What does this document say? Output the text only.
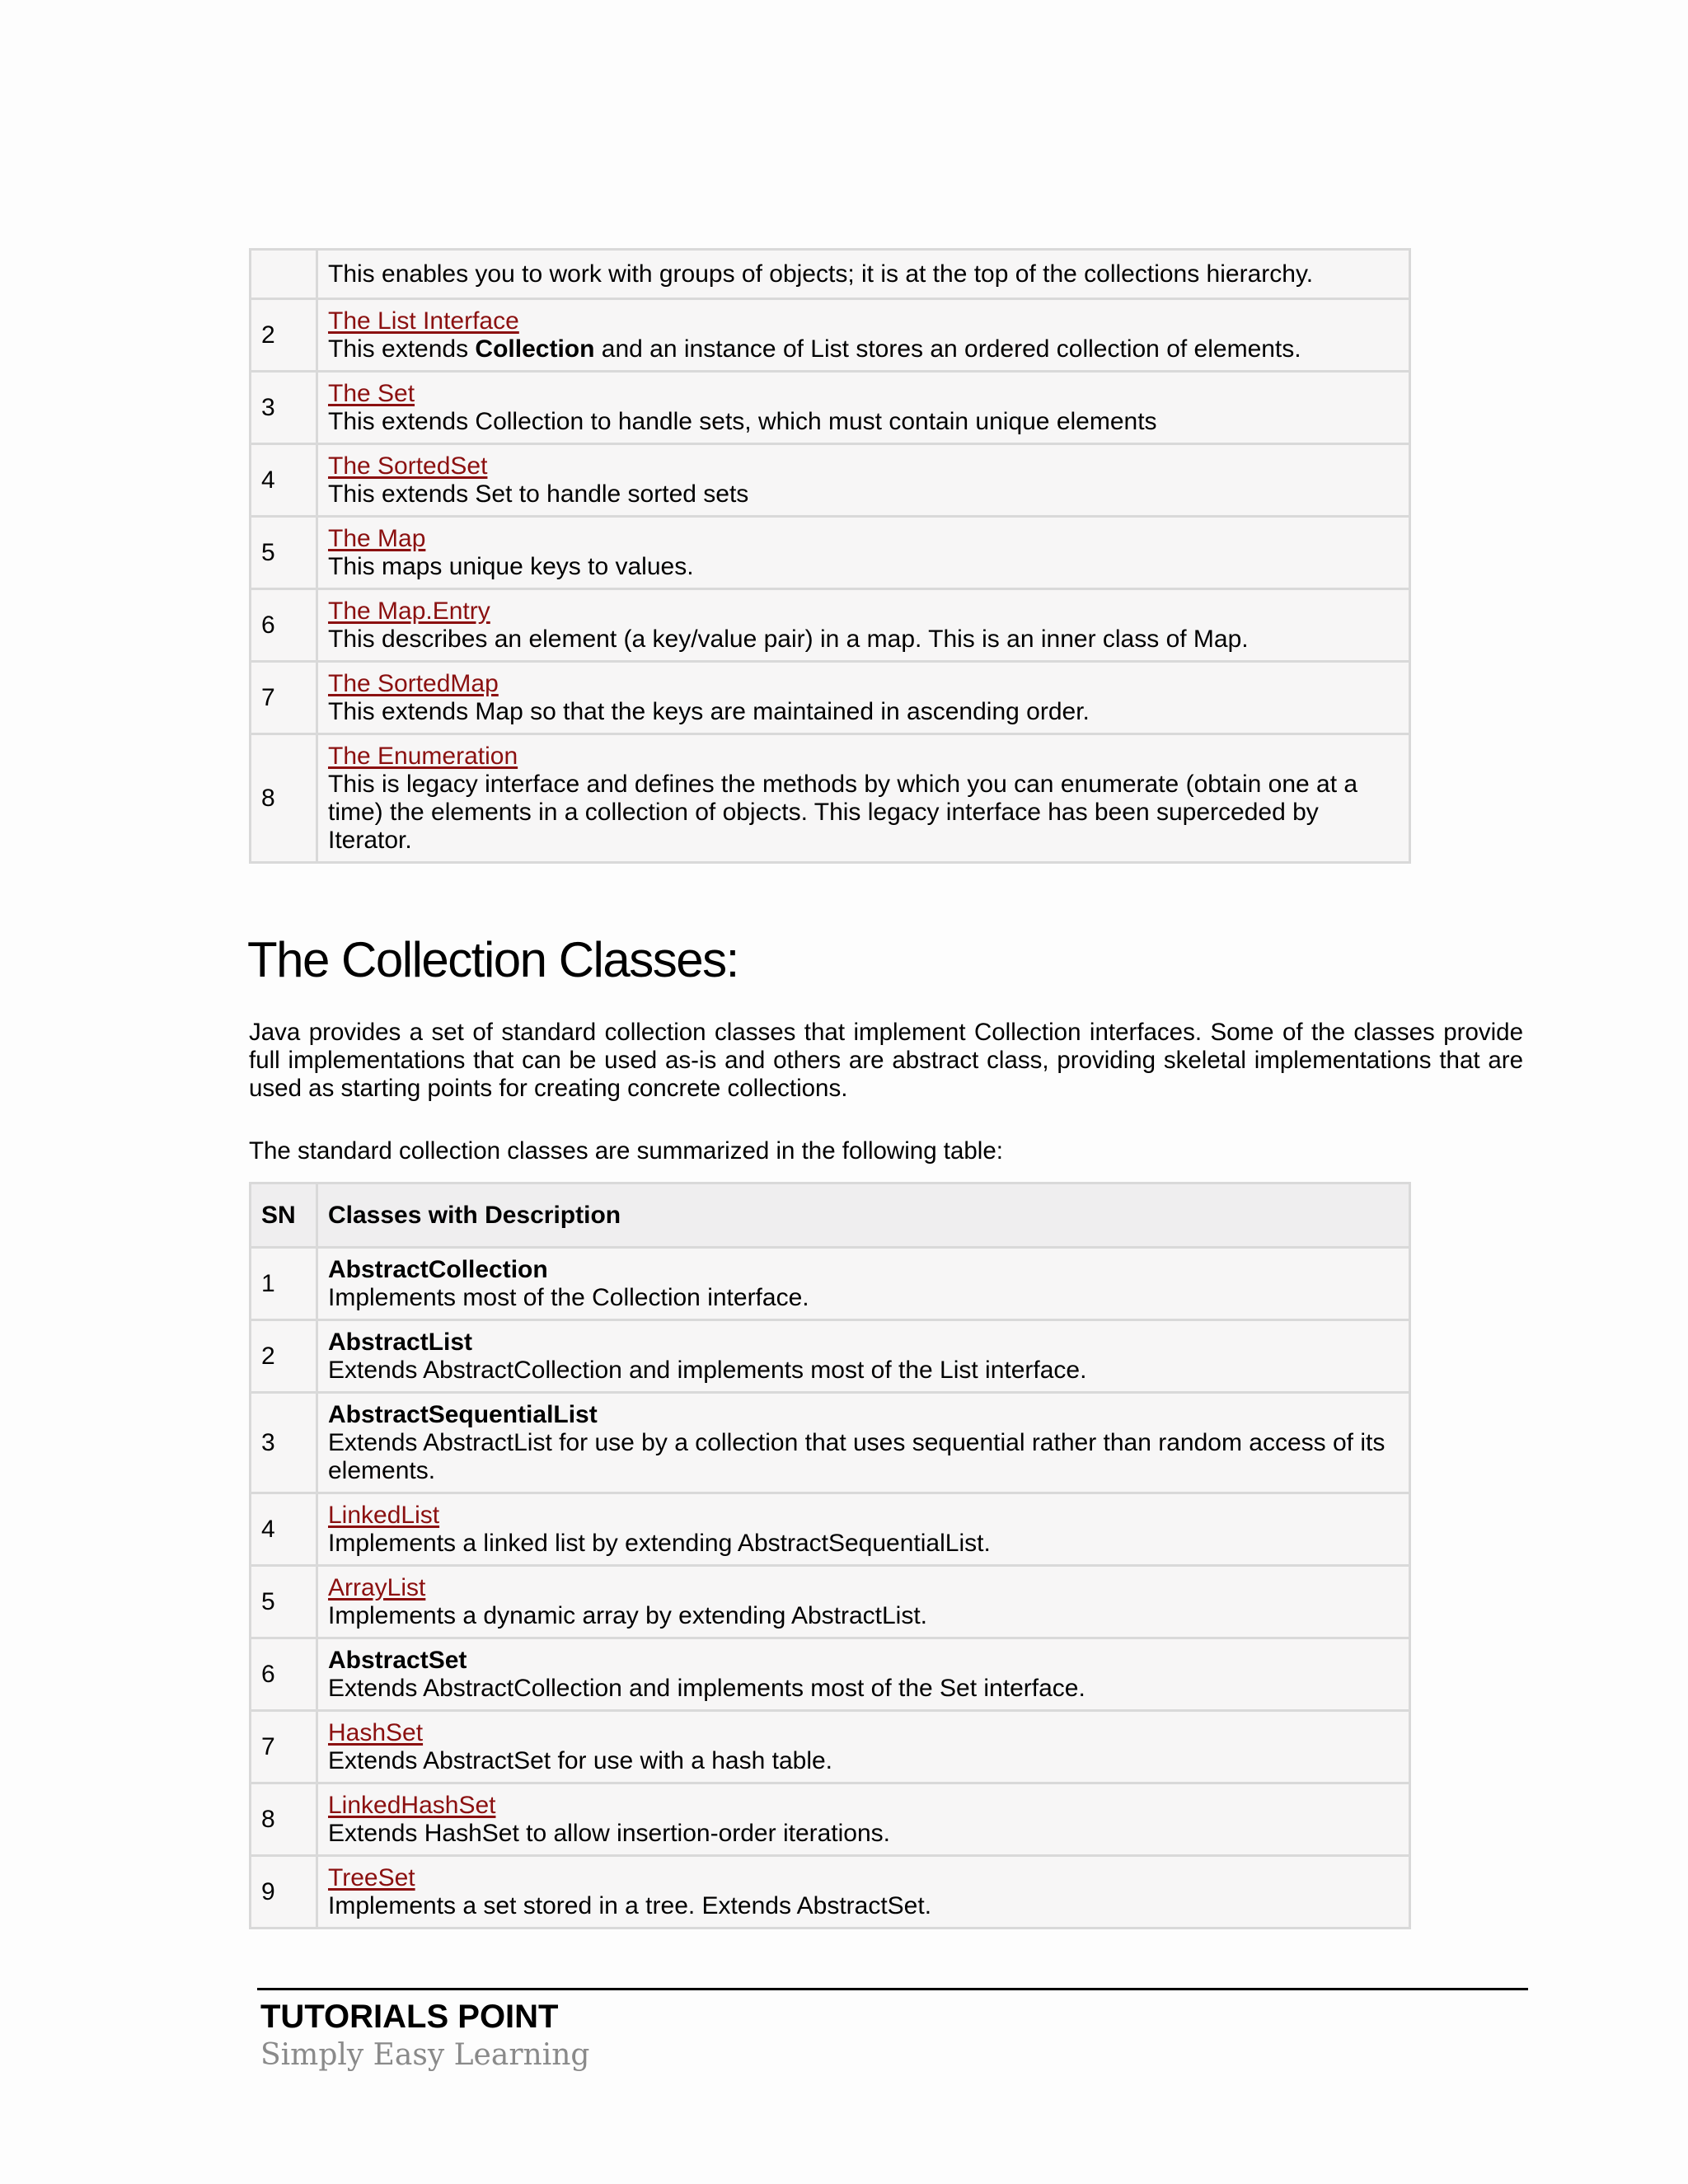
	This enables you to work with groups of objects; it is at the top of the collections hierarchy.
2	The List Interface
This extends Collection and an instance of List stores an ordered collection of elements.
3	The Set
This extends Collection to handle sets, which must contain unique elements
4	The SortedSet
This extends Set to handle sorted sets
5	The Map
This maps unique keys to values.
6	The Map.Entry
This describes an element (a key/value pair) in a map. This is an inner class of Map.
7	The SortedMap
This extends Map so that the keys are maintained in ascending order.
8	The Enumeration
This is legacy interface and defines the methods by which you can enumerate (obtain one at a time) the elements in a collection of objects. This legacy interface has been superceded by Iterator.
The Collection Classes:

Java provides a set of standard collection classes that implement Collection interfaces. Some of the classes provide full implementations that can be used as-is and others are abstract class, providing skeletal implementations that are used as starting points for creating concrete collections.

The standard collection classes are summarized in the following table:

SN	Classes with Description
1	AbstractCollection
Implements most of the Collection interface.
2	AbstractList
Extends AbstractCollection and implements most of the List interface.
3	AbstractSequentialList
Extends AbstractList for use by a collection that uses sequential rather than random access of its elements.
4	LinkedList
Implements a linked list by extending AbstractSequentialList.
5	ArrayList
Implements a dynamic array by extending AbstractList.
6	AbstractSet
Extends AbstractCollection and implements most of the Set interface.
7	HashSet
Extends AbstractSet for use with a hash table.
8	LinkedHashSet
Extends HashSet to allow insertion-order iterations.
9	TreeSet
Implements a set stored in a tree. Extends AbstractSet.
TUTORIALS POINT
Simply Easy Learning
